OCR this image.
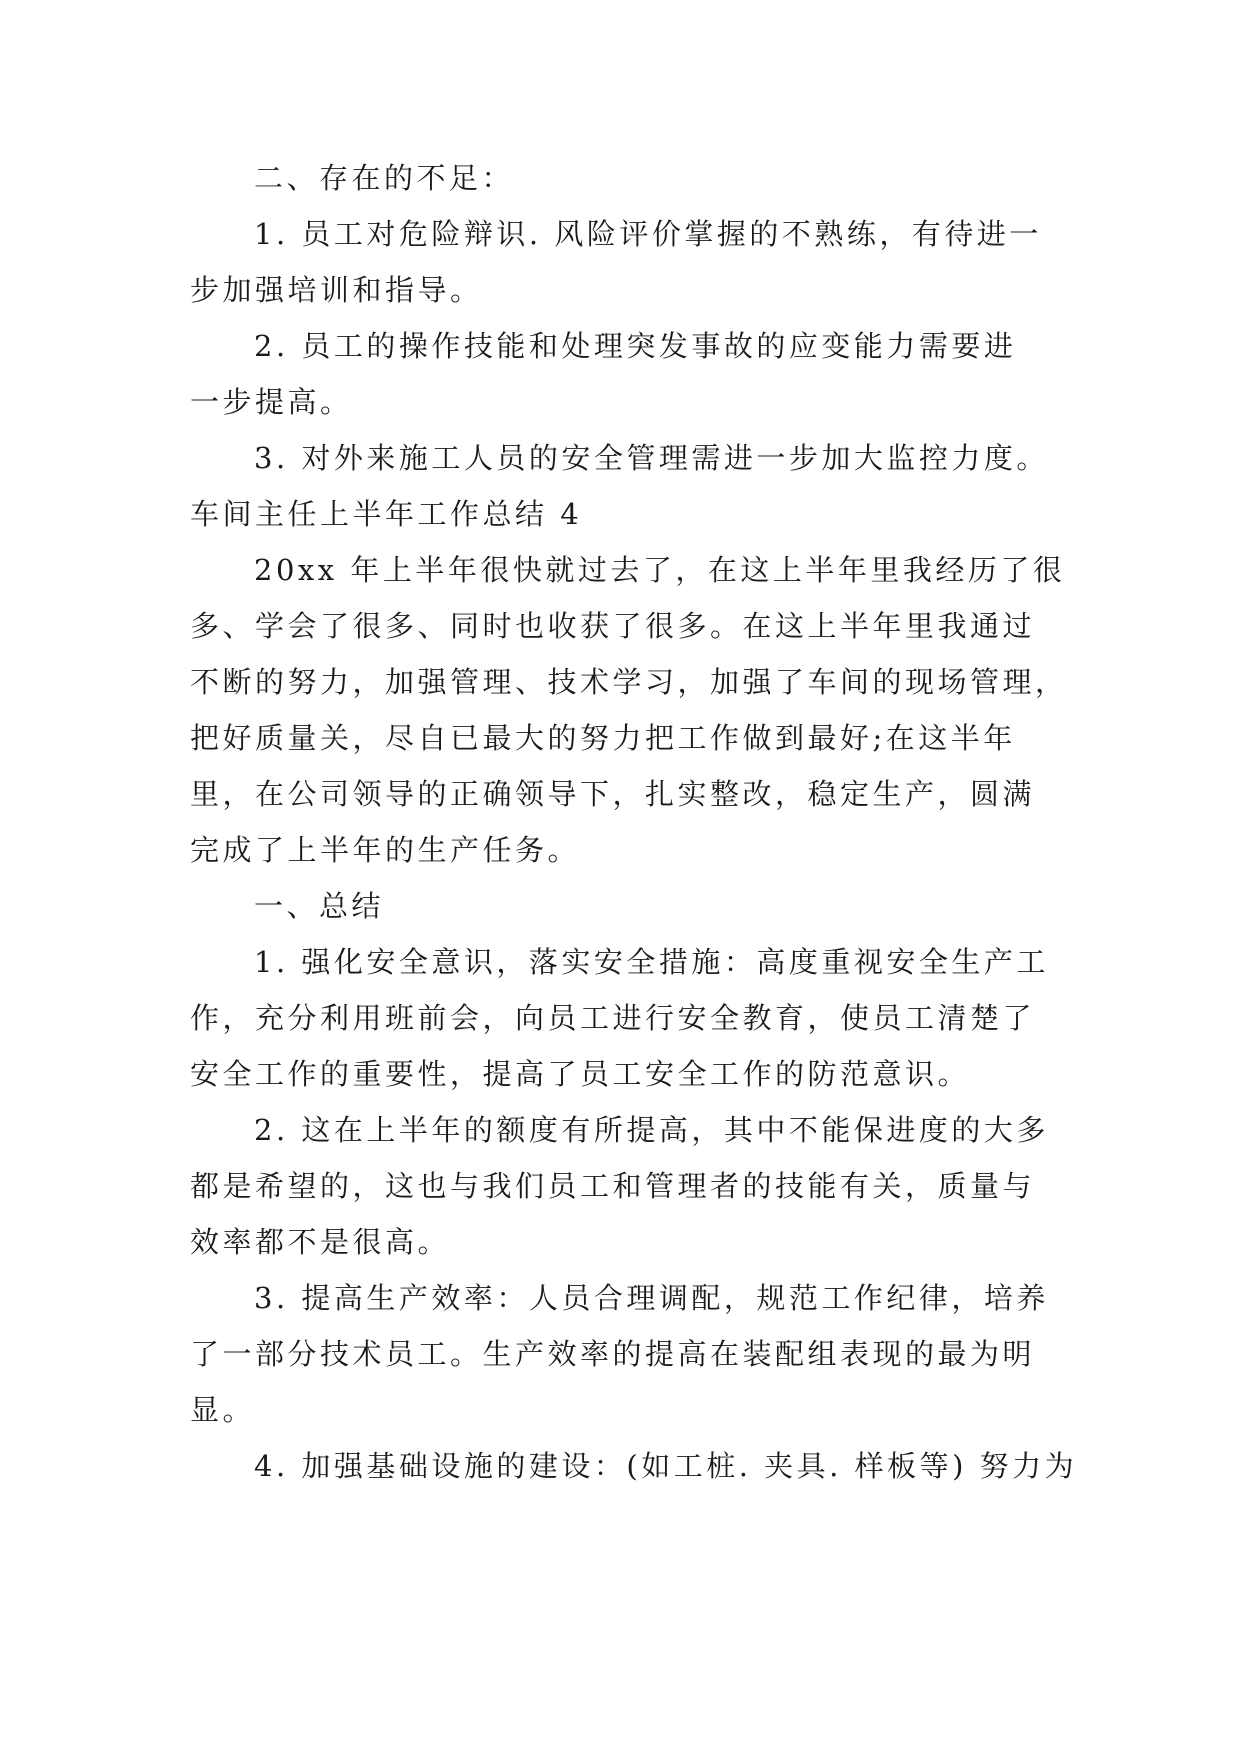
二、存在的不足：
1. 员工对危险辩识. 风险评价掌握的不熟练，有待进一
步加强培训和指导。
2. 员工的操作技能和处理突发事故的应变能力需要进
一步提高。
3. 对外来施工人员的安全管理需进一步加大监控力度。
车间主任上半年工作总结 4
20xx 年上半年很快就过去了，在这上半年里我经历了很
多、学会了很多、同时也收获了很多。在这上半年里我通过
不断的努力，加强管理、技术学习，加强了车间的现场管理，
把好质量关，尽自已最大的努力把工作做到最好;在这半年
里，在公司领导的正确领导下，扎实整改，稳定生产，圆满
完成了上半年的生产任务。
一、总结
1. 强化安全意识，落实安全措施：高度重视安全生产工
作，充分利用班前会，向员工进行安全教育，使员工清楚了
安全工作的重要性，提高了员工安全工作的防范意识。
2. 这在上半年的额度有所提高，其中不能保进度的大多
都是希望的，这也与我们员工和管理者的技能有关，质量与
效率都不是很高。
3. 提高生产效率：人员合理调配，规范工作纪律，培养
了一部分技术员工。生产效率的提高在装配组表现的最为明
显。
4. 加强基础设施的建设：(如工桩. 夹具. 样板等) 努力为
